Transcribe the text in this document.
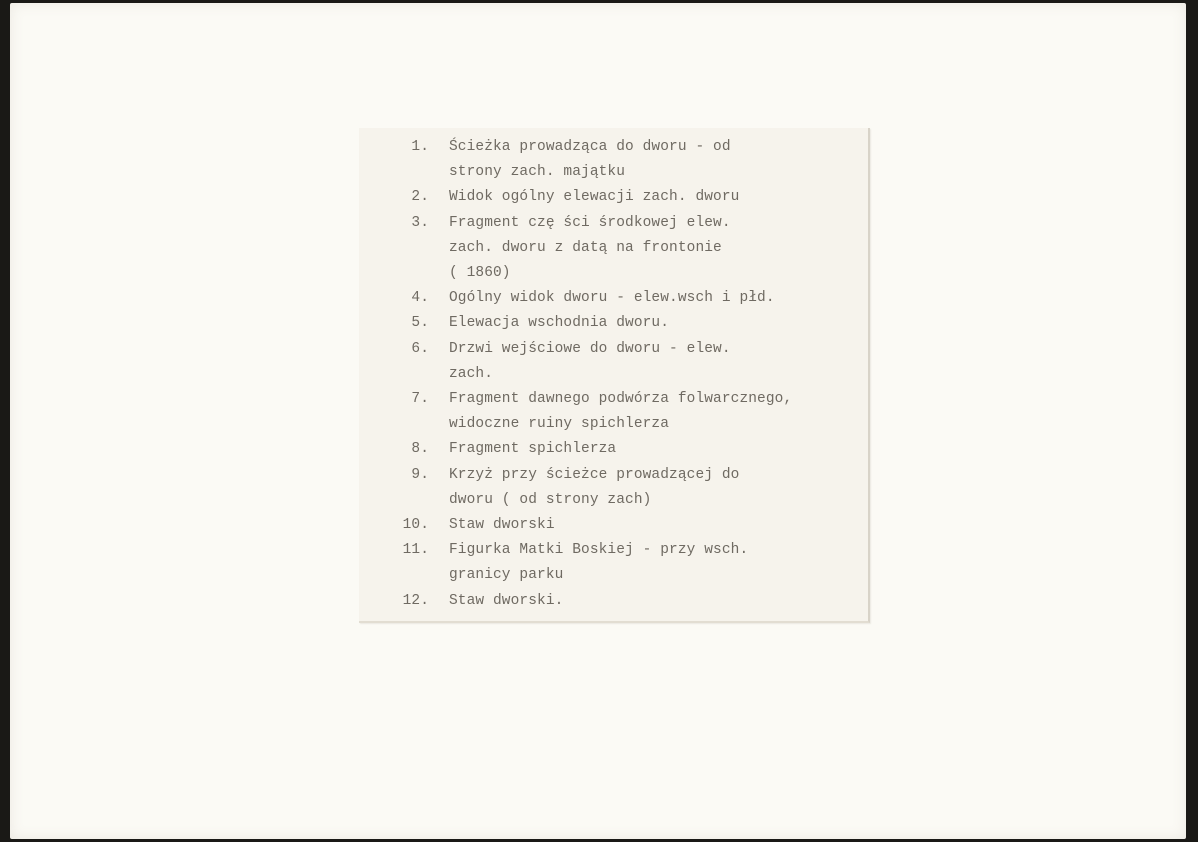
1.	Ścieżka prowadząca do dworu - od
strony zach. majątku
2.	Widok ogólny elewacji zach. dworu
3.	Fragment czę ści środkowej elew.
zach. dworu z datą na frontonie
( 1860)
4.	Ogólny widok dworu - elew.wsch i płd.
5.	Elewacja wschodnia dworu.
6.	Drzwi wejściowe do dworu - elew.
zach.
7.	Fragment dawnego podwórza folwarcznego,
widoczne ruiny spichlerza
8.	Fragment spichlerza
9.	Krzyż przy ścieżce prowadzącej do
dworu ( od strony zach)
10.	Staw dworski
11.	Figurka Matki Boskiej - przy wsch.
granicy parku
12.	Staw dworski.
